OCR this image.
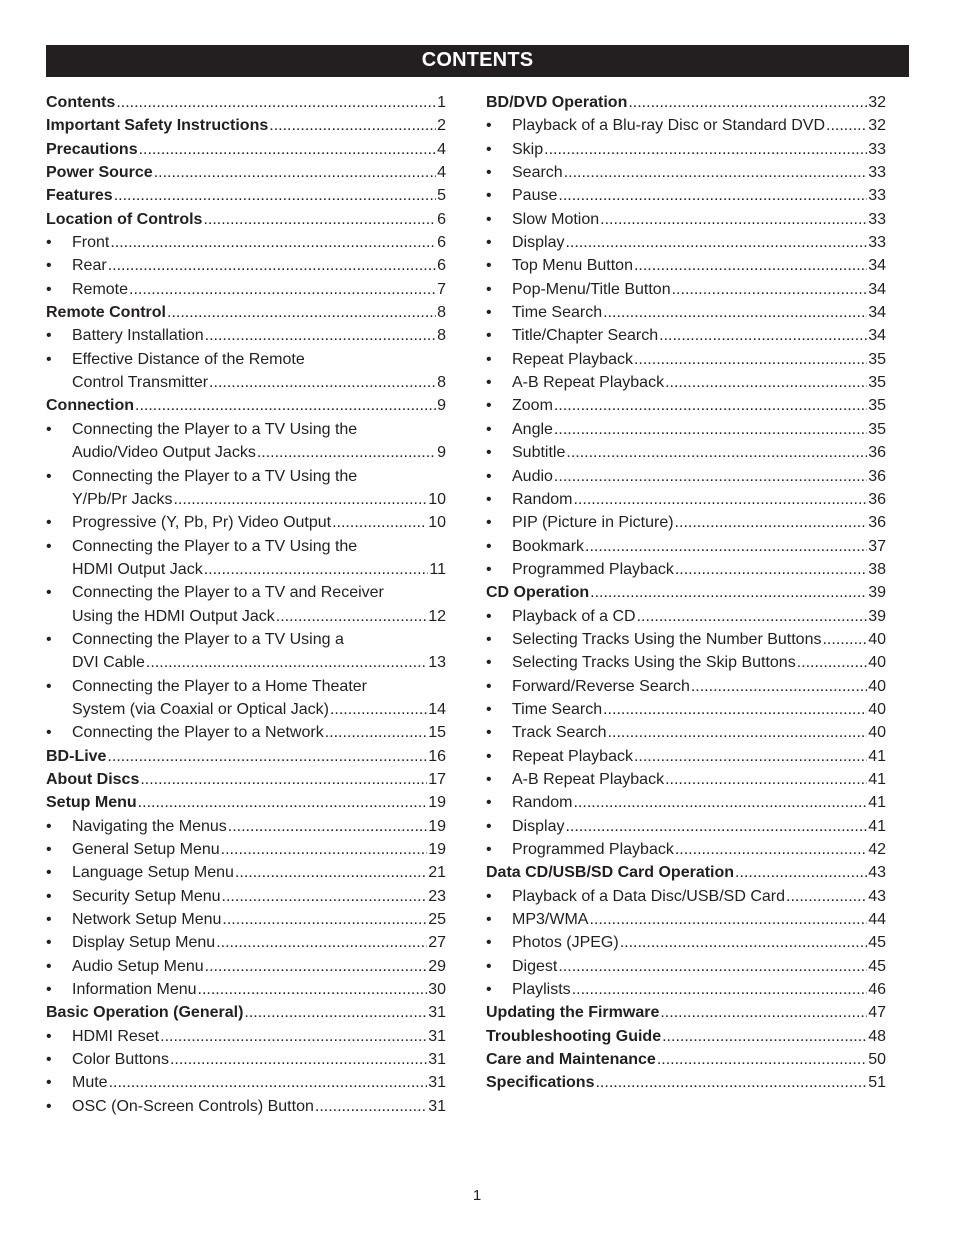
CONTENTS
Contents .....	1
Important Safety Instructions .....	2
Precautions .....	4
Power Source .....	4
Features .....	5
Location of Controls .....	6
• Front .....	6
• Rear .....	6
• Remote .....	7
Remote Control .....	8
• Battery Installation .....	8
•	Effective Distance of the Remote
Control Transmitter .....	8
Connection .....	9
•	Connecting the Player to a TV Using the
Audio/Video Output Jacks .....	9
•	Connecting the Player to a TV Using the
Y/Pb/Pr Jacks .....	10
• Progressive (Y, Pb, Pr) Video Output .....	10
•	Connecting the Player to a TV Using the
HDMI Output Jack .....	11
•	Connecting the Player to a TV and Receiver
Using the HDMI Output Jack .....	12
•	Connecting the Player to a TV Using a
DVI Cable .....	13
•	Connecting the Player to a Home Theater
System (via Coaxial or Optical Jack) .....	14
• Connecting the Player to a Network .....	15
BD-Live .....	16
About Discs .....	17
Setup Menu .....	19
• Navigating the Menus .....	19
• General Setup Menu .....	19
• Language Setup Menu .....	21
• Security Setup Menu .....	23
• Network Setup Menu .....	25
• Display Setup Menu .....	27
• Audio Setup Menu .....	29
• Information Menu .....	30
Basic Operation (General) .....	31
• HDMI Reset .....	31
• Color Buttons .....	31
• Mute .....	31
• OSC (On-Screen Controls) Button .....	31
BD/DVD Operation .....	32
• Playback of a Blu-ray Disc or Standard DVD .....	32
• Skip .....	33
• Search .....	33
• Pause .....	33
• Slow Motion .....	33
• Display .....	33
• Top Menu Button .....	34
• Pop-Menu/Title Button .....	34
• Time Search .....	34
• Title/Chapter Search .....	34
• Repeat Playback .....	35
• A-B Repeat Playback .....	35
• Zoom .....	35
• Angle .....	35
• Subtitle .....	36
• Audio .....	36
• Random .....	36
• PIP (Picture in Picture) .....	36
• Bookmark .....	37
• Programmed Playback .....	38
CD Operation .....	39
• Playback of a CD .....	39
• Selecting Tracks Using the Number Buttons .....	40
• Selecting Tracks Using the Skip Buttons .....	40
• Forward/Reverse Search .....	40
• Time Search .....	40
• Track Search .....	40
• Repeat Playback .....	41
• A-B Repeat Playback .....	41
• Random .....	41
• Display .....	41
• Programmed Playback .....	42
Data CD/USB/SD Card Operation .....	43
• Playback of a Data Disc/USB/SD Card .....	43
• MP3/WMA .....	44
• Photos (JPEG) .....	45
• Digest .....	45
• Playlists .....	46
Updating the Firmware .....	47
Troubleshooting Guide .....	48
Care and Maintenance .....	50
Specifications .....	51
1
